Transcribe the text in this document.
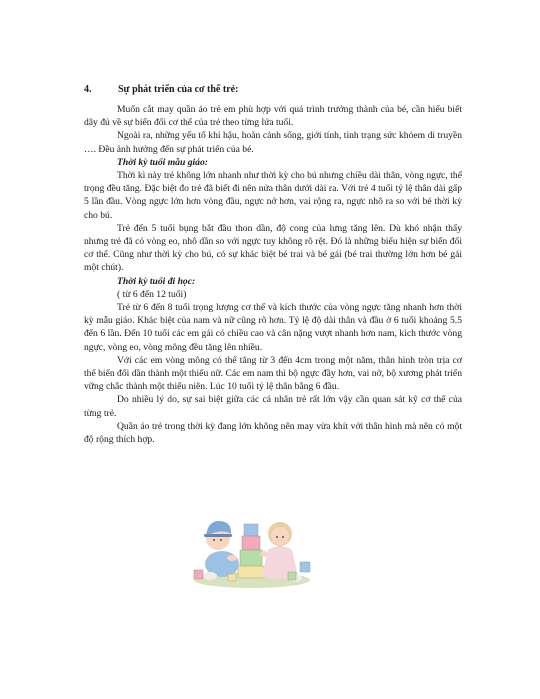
4.	Sự phát triển của cơ thể trẻ:

Muốn cắt may quần áo trẻ em phù hợp với quá trình trưởng thành của bé, cần hiểu biết dây đủ về sự biến đổi cơ thể của trẻ theo từng lứa tuổi.

Ngoài ra, những yếu tố khí hậu, hoàn cảnh sống, giới tính, tình trạng sức khỏem di truyền …. Đều ảnh hưởng đến sự phát triển của bé.

Thời kỳ tuổi mẫu giáo:

Thời kì này trẻ không lớn nhanh như thời kỳ cho bú nhưng chiều dài thân, vòng ngực, thể trọng đều tăng. Đặc biệt đo trẻ đã biết đi nên nửa thân dưới dài ra. Với trẻ 4 tuổi tỷ lệ thân dài gấp 5 lần đầu. Vòng ngực lớn hơn vòng đầu, ngực nở hơn, vai rộng ra, ngực nhô ra so với bé thời kỳ cho bú.

Trẻ đến 5 tuổi bụng bắt đầu thon dần, độ cong của lưng tăng lên. Dù khó nhận thấy nhưng trẻ đã có vòng eo, nhô dần so với ngực tuy không rõ rệt. Đó là những biểu hiện sự biến đổi cơ thể. Cũng như thời kỳ cho bú, có sự khác biệt bé trai và bé gái (bé trai thường lớn hơn bé gái một chút).

Thời kỳ tuổi đi học:

( từ 6 đến 12 tuổi)

Trẻ từ 6 đến 8 tuổi trọng lượng cơ thể và kích thước của vòng ngực tăng nhanh hơn thời kỳ mẫu giáo. Khác biệt của nam và nữ cũng rõ hơn. Tỷ lệ độ dài thân và đầu ở 6 tuổi khoảng 5.5 đến 6 lần. Đến 10 tuổi các em gái có chiều cao và cân nặng vượt nhanh hơn nam, kích thước vòng ngực, vòng eo, vòng mông đều tăng lên nhiều.

Với các em vòng mông có thể tăng từ 3 đến 4cm trong một năm, thân hình tròn trịa cơ thể biến đổi dần thành một thiếu nữ. Các em nam thì bộ ngực đầy hơn, vai nở, bộ xương phát triển vững chắc thành một thiếu niên. Lúc 10 tuổi tỷ lệ thân bằng 6 đầu.

Do nhiều lý do, sự sai biệt giữa các cá nhân trẻ rất lớn vậy cần quan sát kỹ cơ thể của từng trẻ.

Quần áo trẻ trong thời kỳ đang lớn không nên may vừa khít với thân hình mà nên có một độ rộng thích hợp.
